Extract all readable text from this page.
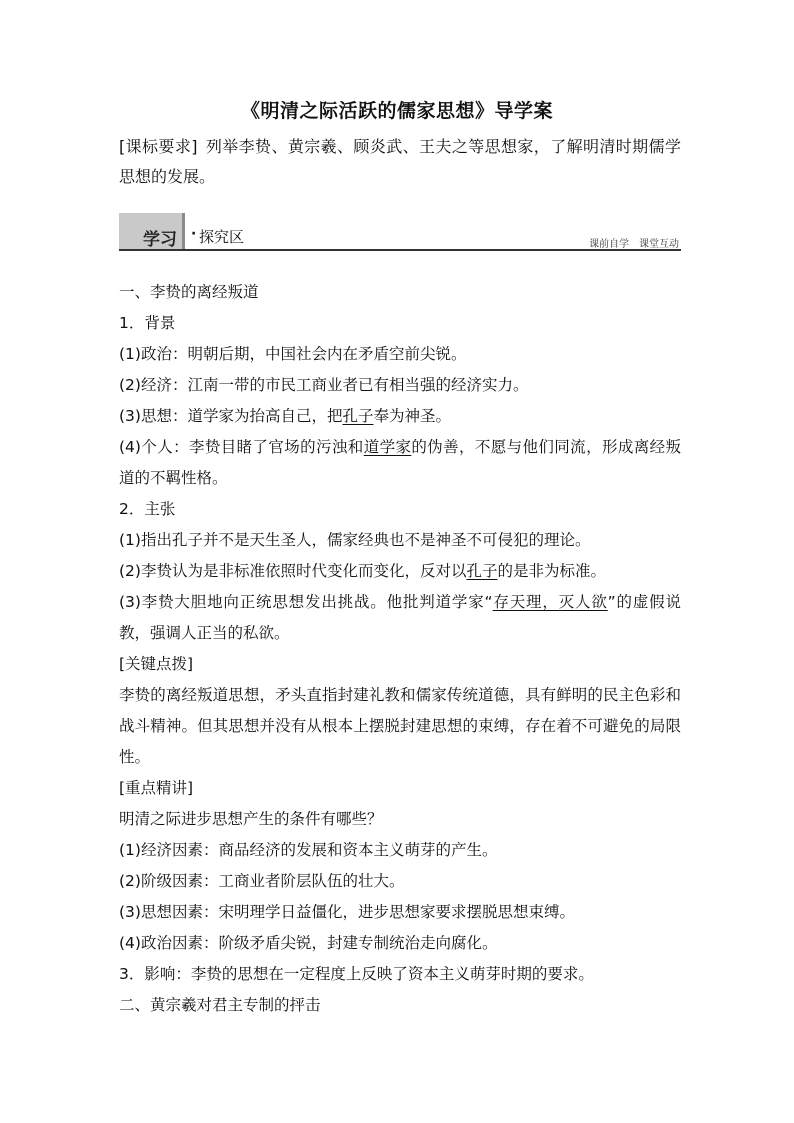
《明清之际活跃的儒家思想》导学案
[课标要求] 列举李贽、黄宗羲、顾炎武、王夫之等思想家，了解明清时期儒学思想的发展。
学习 · 探究区	课前自学 课堂互动

一、李贽的离经叛道

1．背景

(1)政治：明朝后期，中国社会内在矛盾空前尖锐。

(2)经济：江南一带的市民工商业者已有相当强的经济实力。

(3)思想：道学家为抬高自己，把孔子奉为神圣。

(4)个人：李贽目睹了官场的污浊和道学家的伪善，不愿与他们同流，形成离经叛道的不羁性格。

2．主张

(1)指出孔子并不是天生圣人，儒家经典也不是神圣不可侵犯的理论。

(2)李贽认为是非标准依照时代变化而变化，反对以孔子的是非为标准。

(3)李贽大胆地向正统思想发出挑战。他批判道学家“存天理，灭人欲”的虚假说教，强调人正当的私欲。

[关键点拨]

李贽的离经叛道思想，矛头直指封建礼教和儒家传统道德，具有鲜明的民主色彩和战斗精神。但其思想并没有从根本上摆脱封建思想的束缚，存在着不可避免的局限性。

[重点精讲]

明清之际进步思想产生的条件有哪些？

(1)经济因素：商品经济的发展和资本主义萌芽的产生。

(2)阶级因素：工商业者阶层队伍的壮大。

(3)思想因素：宋明理学日益僵化，进步思想家要求摆脱思想束缚。

(4)政治因素：阶级矛盾尖锐，封建专制统治走向腐化。

3．影响：李贽的思想在一定程度上反映了资本主义萌芽时期的要求。

二、黄宗羲对君主专制的抨击
